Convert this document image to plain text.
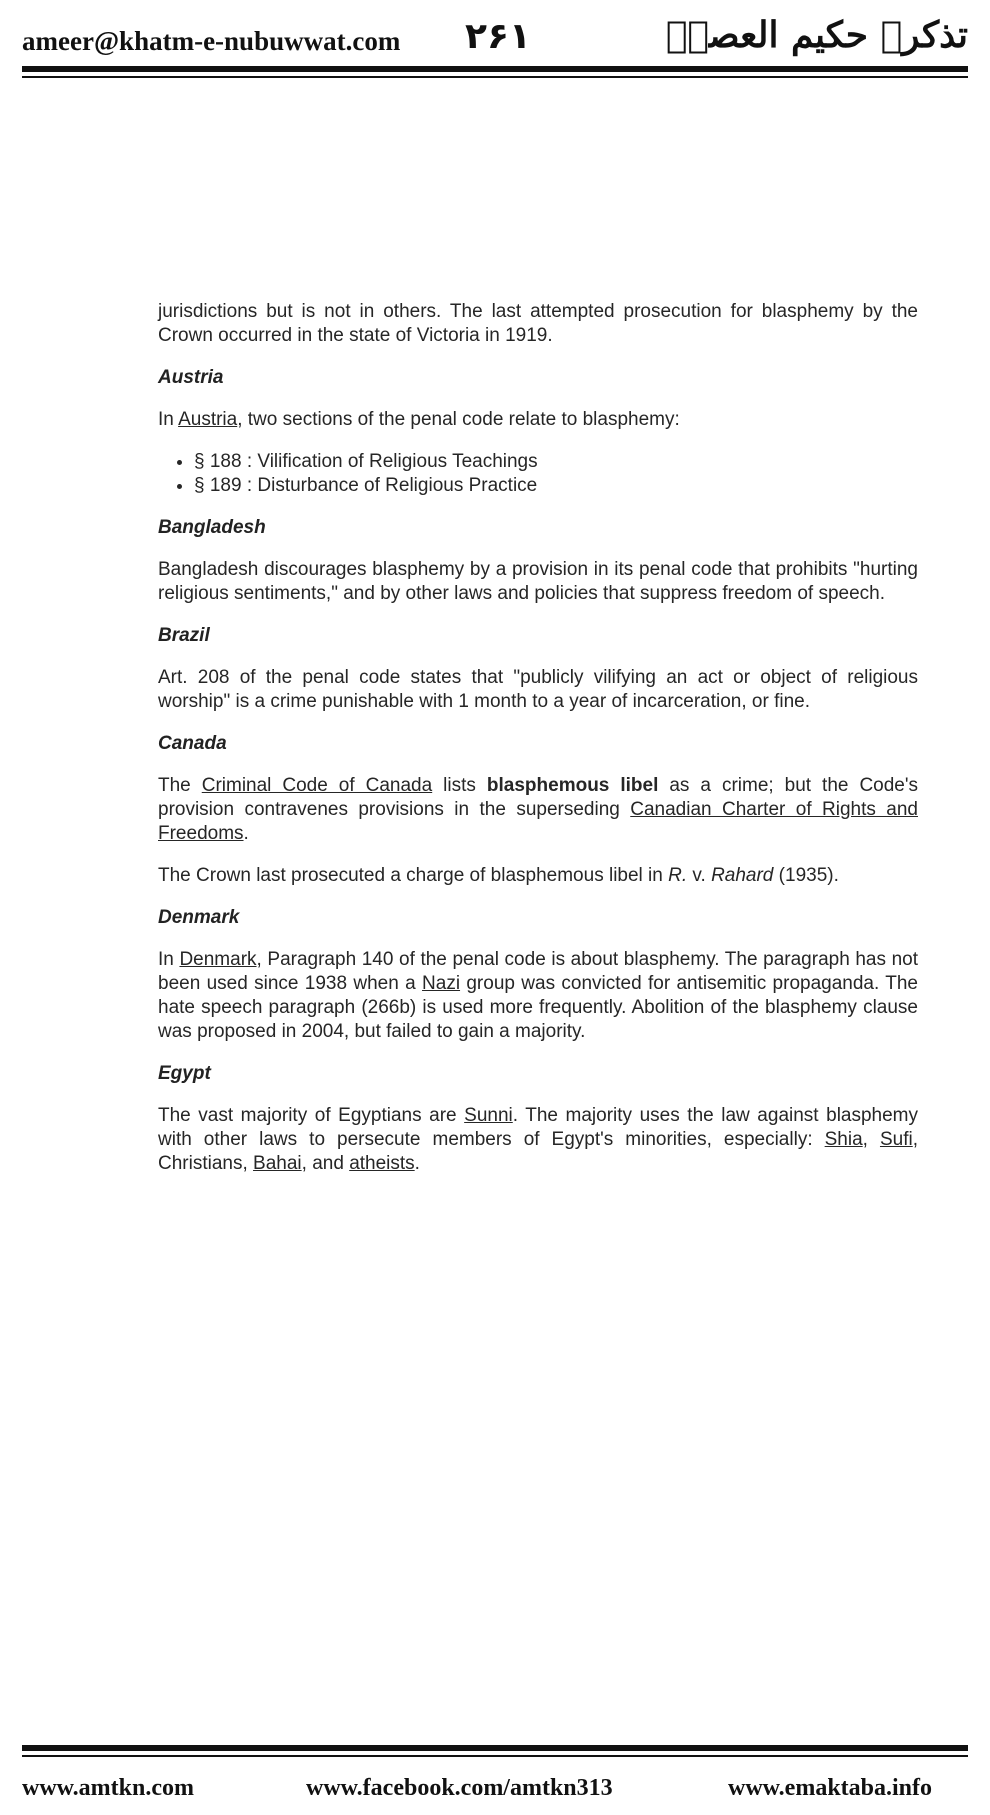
ameer@khatm-e-nubuwwat.com ۲۶۱	تذکرہ حکیم العصرؒ

jurisdictions but is not in others. The last attempted prosecution for blasphemy by the Crown occurred in the state of Victoria in 1919.

Austria

In Austria, two sections of the penal code relate to blasphemy:

• § 188 : Vilification of Religious Teachings
• § 189 : Disturbance of Religious Practice
Bangladesh

Bangladesh discourages blasphemy by a provision in its penal code that prohibits "hurting religious sentiments," and by other laws and policies that suppress freedom of speech.

Brazil

Art. 208 of the penal code states that "publicly vilifying an act or object of religious worship" is a crime punishable with 1 month to a year of incarceration, or fine.

Canada

The Criminal Code of Canada lists blasphemous libel as a crime; but the Code's provision contravenes provisions in the superseding Canadian Charter of Rights and Freedoms.

The Crown last prosecuted a charge of blasphemous libel in R. v. Rahard (1935).

Denmark

In Denmark, Paragraph 140 of the penal code is about blasphemy. The paragraph has not been used since 1938 when a Nazi group was convicted for antisemitic propaganda. The hate speech paragraph (266b) is used more frequently. Abolition of the blasphemy clause was proposed in 2004, but failed to gain a majority.

Egypt

The vast majority of Egyptians are Sunni. The majority uses the law against blasphemy with other laws to persecute members of Egypt's minorities, especially: Shia, Sufi, Christians, Bahai, and atheists.

www.amtkn.com	www.facebook.com/amtkn313	www.emaktaba.info
